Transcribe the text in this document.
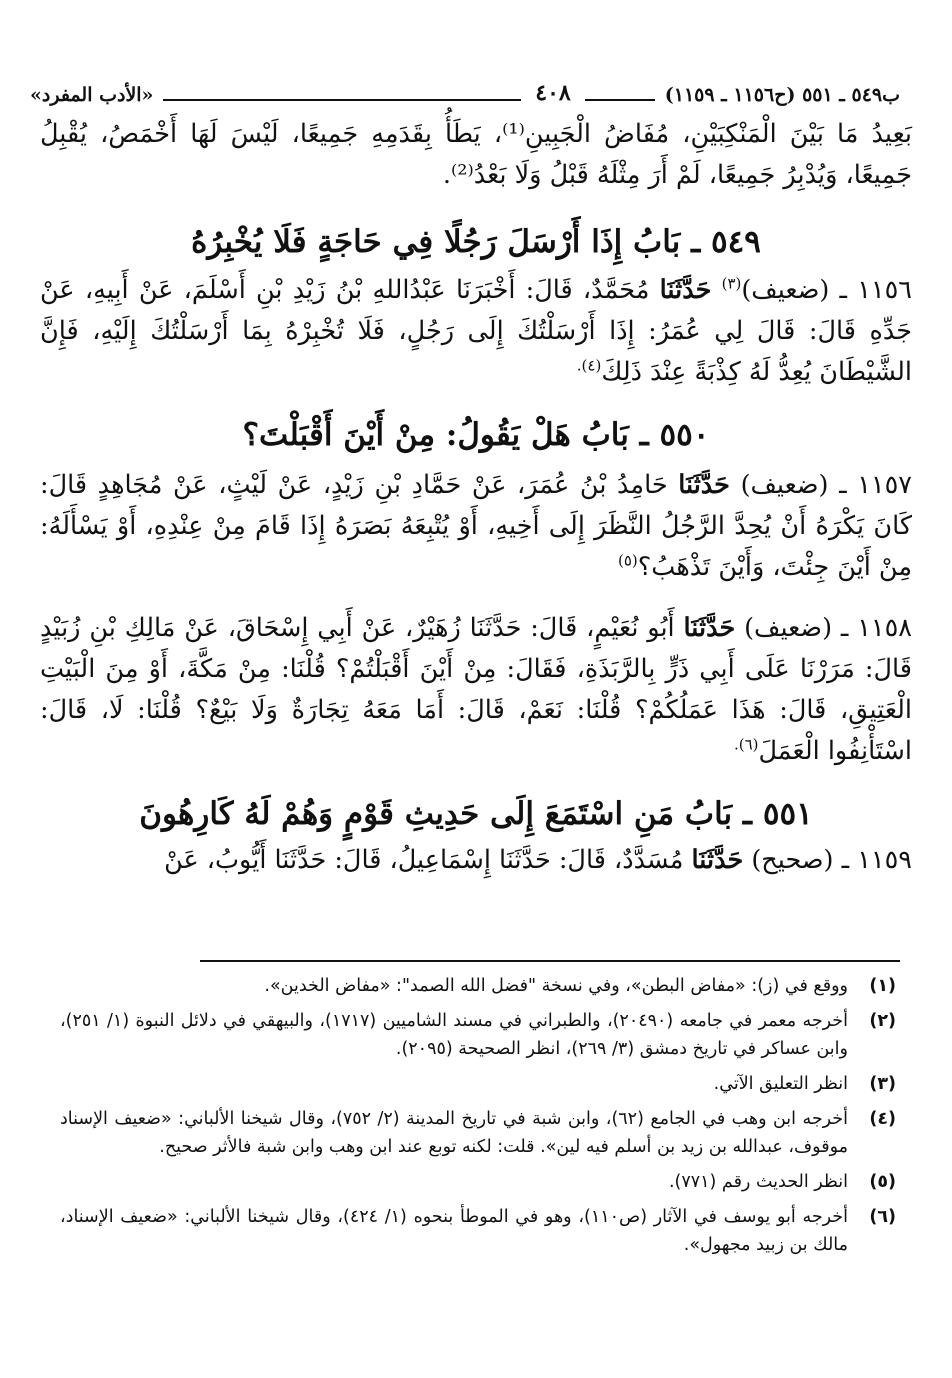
ب٥٤٩ ـ ٥٥١ (ح١١٥٦ ـ ١١٥٩)
٤٠٨
«الأدب المفرد»

بَعِيدُ مَا بَيْنَ الْمَنْكِبَيْنِ، مُفَاضُ الْجَبِينِ⁽¹⁾، يَطَأُ بِقَدَمِهِ جَمِيعًا، لَيْسَ لَهَا أَخْمَصُ، يُقْبِلُ جَمِيعًا، وَيُدْبِرُ جَمِيعًا، لَمْ أَرَ مِثْلَهُ قَبْلُ وَلَا بَعْدُ⁽²⁾.

٥٤٩ ـ بَابُ إِذَا أَرْسَلَ رَجُلًا فِي حَاجَةٍ فَلَا يُخْبِرُهُ

١١٥٦ ـ (ضعيف)$^{(٣)}$ حَدَّثَنَا مُحَمَّدٌ، قَالَ: أَخْبَرَنَا عَبْدُاللهِ بْنُ زَيْدِ بْنِ أَسْلَمَ، عَنْ أَبِيهِ، عَنْ جَدِّهِ قَالَ: قَالَ لِي عُمَرُ: إِذَا أَرْسَلْتُكَ إِلَى رَجُلٍ، فَلَا تُخْبِرْهُ بِمَا أَرْسَلْتُكَ إِلَيْهِ، فَإِنَّ الشَّيْطَانَ يُعِدُّ لَهُ كِذْبَةً عِنْدَ ذَلِكَ$^{(٤).}$

٥٥٠ ـ بَابُ هَلْ يَقُولُ: مِنْ أَيْنَ أَقْبَلْتَ؟

١١٥٧ ـ (ضعيف) حَدَّثَنَا حَامِدُ بْنُ عُمَرَ، عَنْ حَمَّادِ بْنِ زَيْدٍ، عَنْ لَيْثٍ، عَنْ مُجَاهِدٍ قَالَ: كَانَ يَكْرَهُ أَنْ يُحِدَّ الرَّجُلُ النَّظَرَ إِلَى أَخِيهِ، أَوْ يُتْبِعَهُ بَصَرَهُ إِذَا قَامَ مِنْ عِنْدِهِ، أَوْ يَسْأَلَهُ: مِنْ أَيْنَ جِئْتَ، وَأَيْنَ تَذْهَبُ؟$^{(٥)}$

١١٥٨ ـ (ضعيف) حَدَّثَنَا أَبُو نُعَيْمٍ، قَالَ: حَدَّثَنَا زُهَيْرٌ، عَنْ أَبِي إِسْحَاقَ، عَنْ مَالِكِ بْنِ زُبَيْدٍ قَالَ: مَرَرْنَا عَلَى أَبِي ذَرٍّ بِالرَّبَذَةِ، فَقَالَ: مِنْ أَيْنَ أَقْبَلْتُمْ؟ قُلْنَا: مِنْ مَكَّةَ، أَوْ مِنَ الْبَيْتِ الْعَتِيقِ، قَالَ: هَذَا عَمَلُكُمْ؟ قُلْنَا: نَعَمْ، قَالَ: أَمَا مَعَهُ تِجَارَةٌ وَلَا بَيْعٌ؟ قُلْنَا: لَا، قَالَ: اسْتَأْنِفُوا الْعَمَلَ$^{(٦).}$

٥٥١ ـ بَابُ مَنِ اسْتَمَعَ إِلَى حَدِيثِ قَوْمٍ وَهُمْ لَهُ كَارِهُونَ

١١٥٩ ـ (صحيح) حَدَّثَنَا مُسَدَّدٌ، قَالَ: حَدَّثَنَا إِسْمَاعِيلُ، قَالَ: حَدَّثَنَا أَيُّوبُ، عَنْ

(١)
ووقع في (ز): «مفاض البطن»، وفي نسخة "فضل الله الصمد": «مفاض الخدين».
(٢)
أخرجه معمر في جامعه (٢٠٤٩٠)، والطبراني في مسند الشاميين (١٧١٧)، والبيهقي في دلائل النبوة (١/ ٢٥١)، وابن عساكر في تاريخ دمشق (٣/ ٢٦٩)، انظر الصحيحة (٢٠٩٥).
(٣)
انظر التعليق الآتي.
(٤)
أخرجه ابن وهب في الجامع (٦٢)، وابن شبة في تاريخ المدينة (٢/ ٧٥٢)، وقال شيخنا الألباني: «ضعيف الإسناد موقوف، عبدالله بن زيد بن أسلم فيه لين». قلت: لكنه توبع عند ابن وهب وابن شبة فالأثر صحيح.
(٥)
انظر الحديث رقم (٧٧١).
(٦)
أخرجه أبو يوسف في الآثار (ص١١٠)، وهو في الموطأ بنحوه (١/ ٤٢٤)، وقال شيخنا الألباني: «ضعيف الإسناد، مالك بن زبيد مجهول».
